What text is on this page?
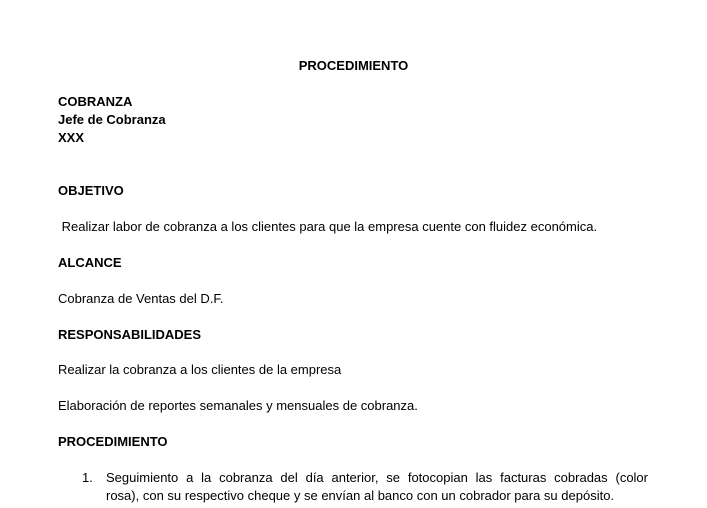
PROCEDIMIENTO
COBRANZA
Jefe de Cobranza
XXX
OBJETIVO
Realizar labor de cobranza a los clientes para que la empresa cuente con fluidez económica.
ALCANCE
Cobranza de Ventas del D.F.
RESPONSABILIDADES
Realizar la cobranza a los clientes de la empresa
Elaboración de reportes semanales y mensuales de cobranza.
PROCEDIMIENTO
1. Seguimiento a la cobranza del día anterior, se fotocopian las facturas cobradas (color
rosa), con su respectivo cheque y se envían al banco con un cobrador para su depósito.
